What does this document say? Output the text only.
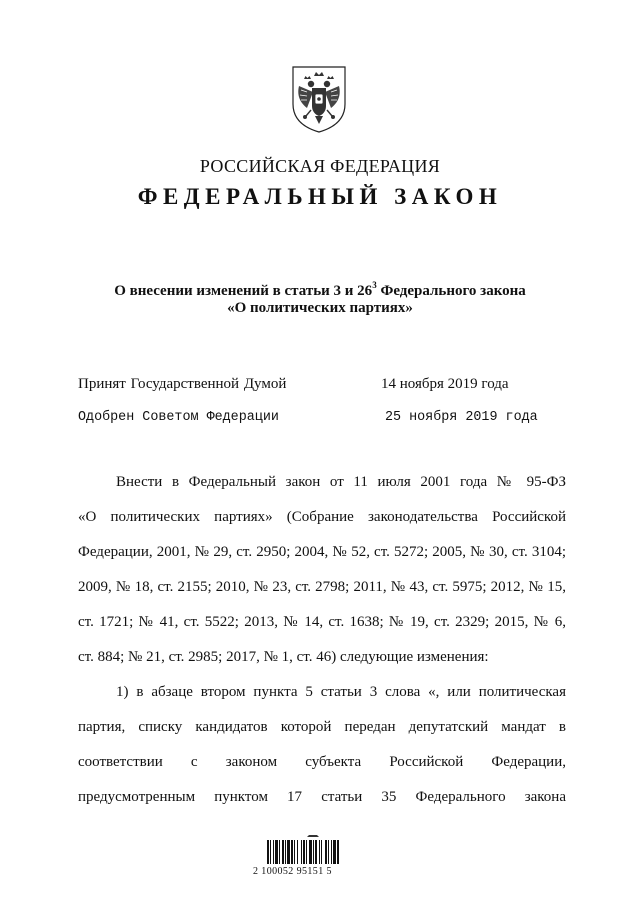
РОССИЙСКАЯ ФЕДЕРАЦИЯ
ФЕДЕРАЛЬНЫЙ ЗАКОН
О внесении изменений в статьи 3 и $26^3$ Федерального закона
«О политических партиях»
Принят Государственной Думой	14 ноября 2019 года
Одобрен Советом Федерации	25 ноября 2019 года
Внести в Федеральный закон от 11 июля 2001 года № 95-ФЗ
«О политических партиях» (Собрание законодательства Российской
Федерации, 2001, № 29, ст. 2950; 2004, № 52, ст. 5272; 2005, № 30, ст. 3104;
2009, № 18, ст. 2155; 2010, № 23, ст. 2798; 2011, № 43, ст. 5975; 2012, № 15,
ст. 1721; № 41, ст. 5522; 2013, № 14, ст. 1638; № 19, ст. 2329; 2015, № 6,
ст. 884; № 21, ст. 2985; 2017, № 1, ст. 46) следующие изменения:
1) в абзаце втором пункта 5 статьи 3 слова «, или политическая
партия, списку кандидатов которой передан депутатский мандат в
соответствии с законом субъекта Российской Федерации,
предусмотренным пунктом 17 статьи 35 Федерального закона
2 100052 95151 5
